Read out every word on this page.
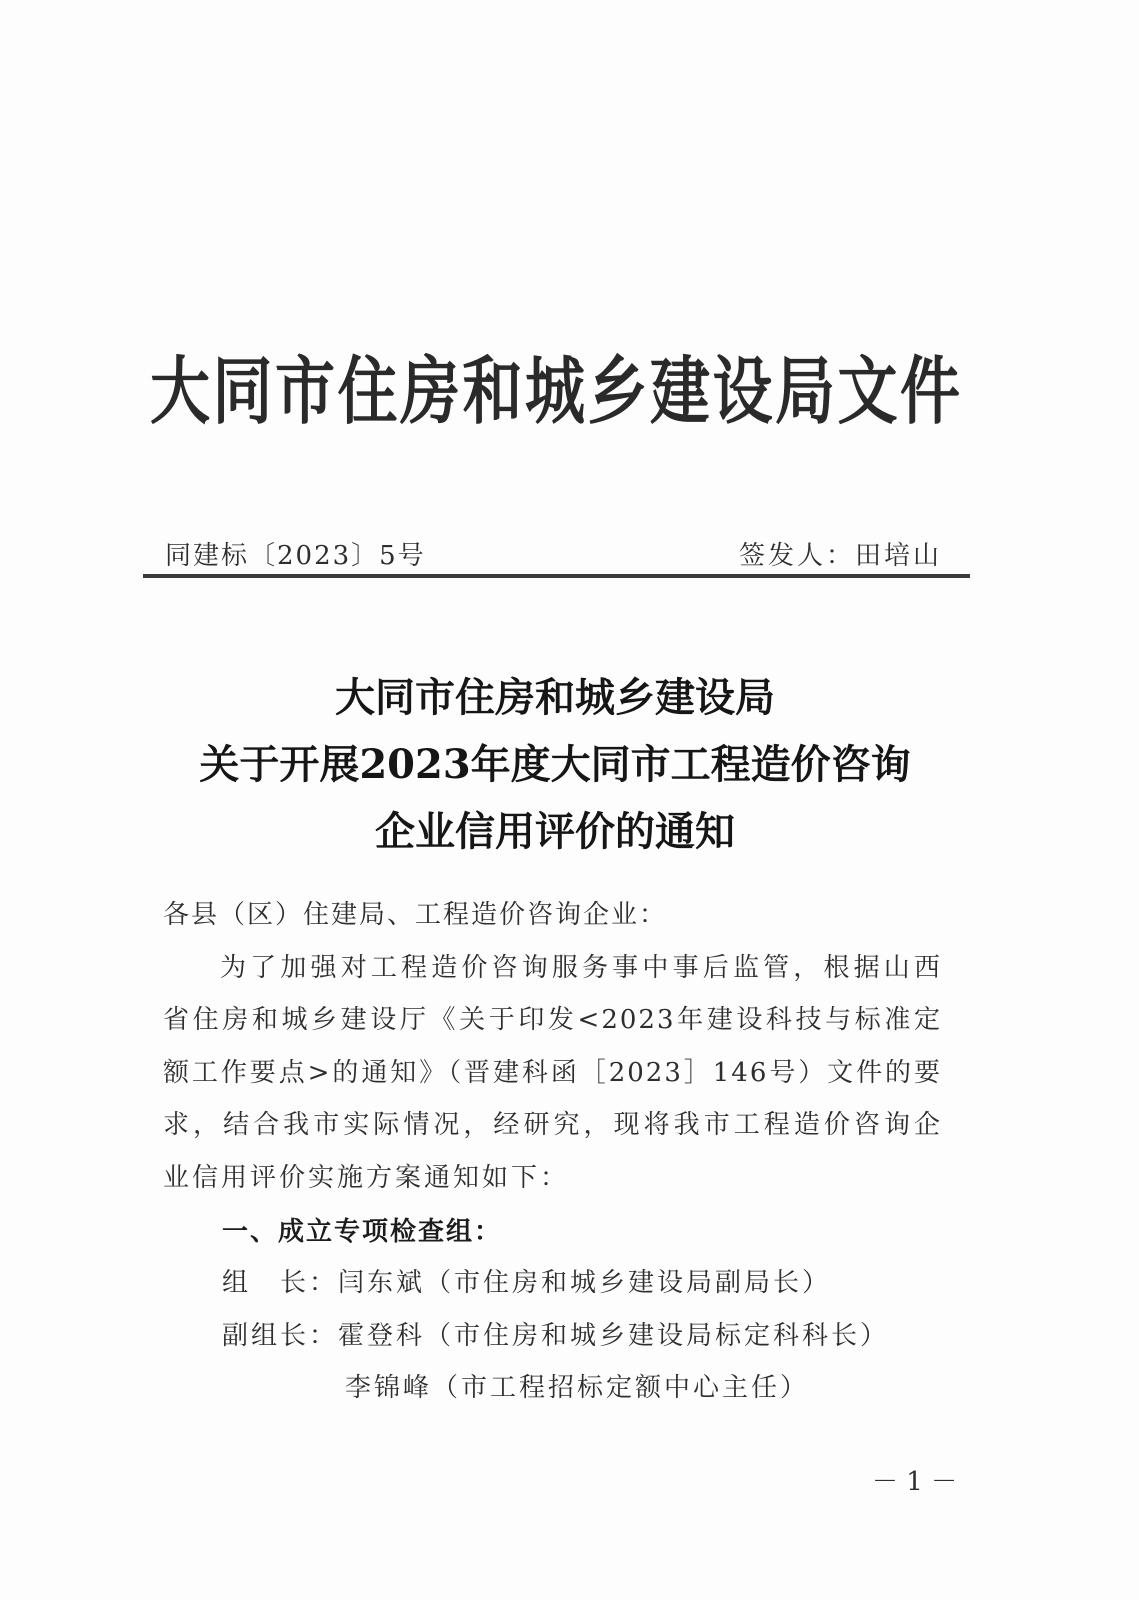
大同市住房和城乡建设局文件
同建标〔2023〕5号	签发人：田培山
大同市住房和城乡建设局
关于开展2023年度大同市工程造价咨询
企业信用评价的通知
各县（区）住建局、工程造价咨询企业：
为了加强对工程造价咨询服务事中事后监管，根据山西
省住房和城乡建设厅《关于印发<2023年建设科技与标准定
额工作要点>的通知》（晋建科函［2023］146号）文件的要
求，结合我市实际情况，经研究，现将我市工程造价咨询企
业信用评价实施方案通知如下：
一、成立专项检查组：
组　长：闫东斌（市住房和城乡建设局副局长）
副组长：霍登科（市住房和城乡建设局标定科科长）
李锦峰（市工程招标定额中心主任）
－ 1 －
